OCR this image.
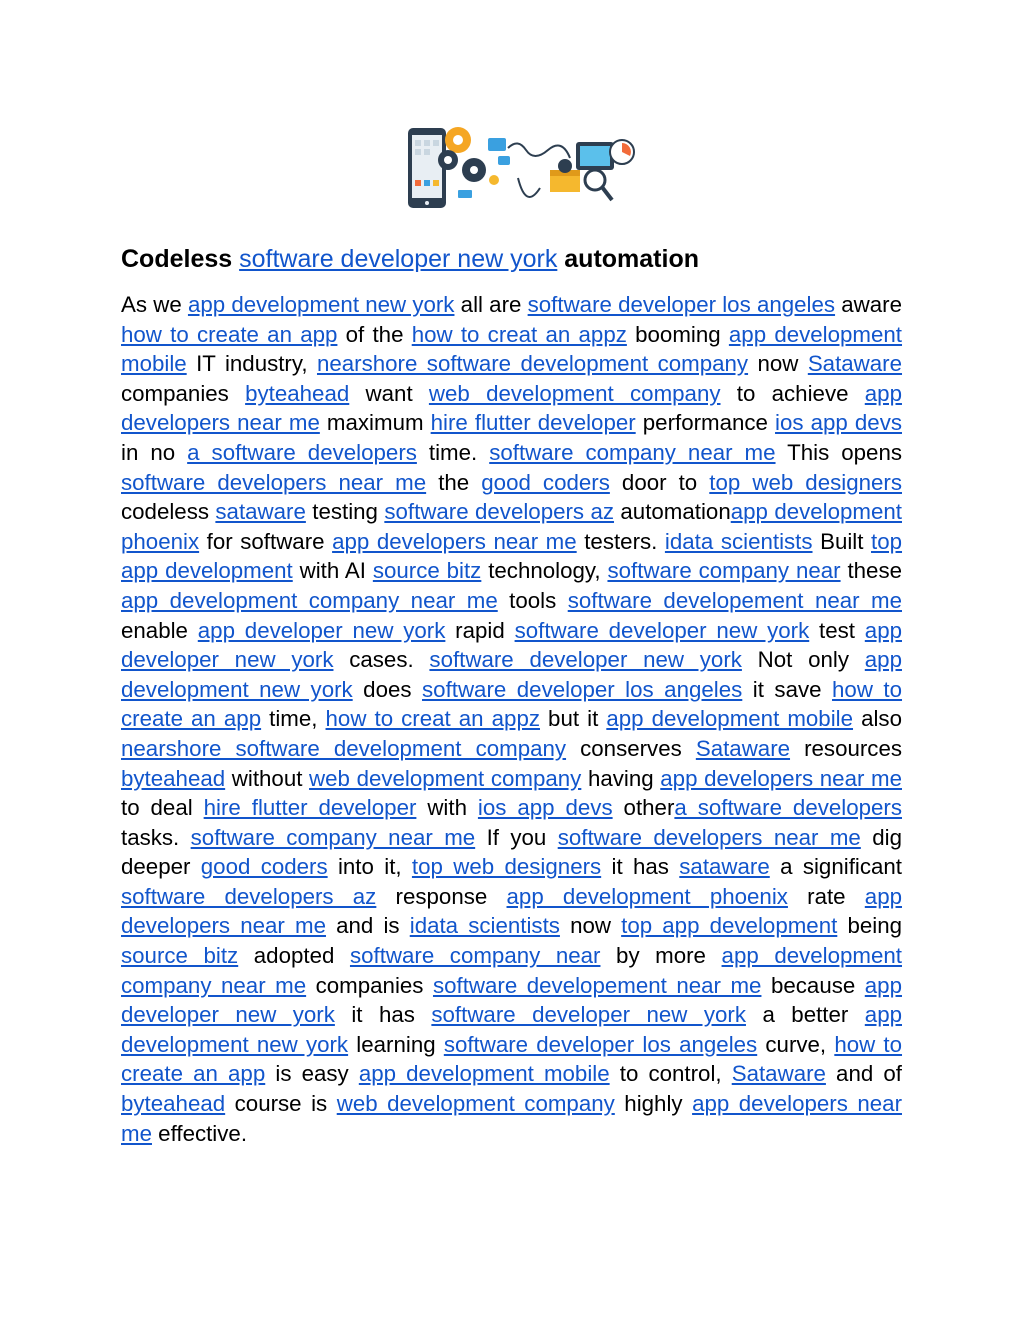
Codeless software developer new york automation

As we app development new york all are software developer los angeles aware how to create an app of the how to creat an appz booming app development mobile IT industry, nearshore software development company now Sataware companies byteahead want web development company to achieve app developers near me maximum hire flutter developer performance ios app devs in no a software developers time. software company near me This opens software developers near me the good coders door to top web designers codeless sataware testing software developers az automationapp development phoenix for software app developers near me testers. idata scientists Built top app development with AI source bitz technology, software company near these app development company near me tools software developement near me enable app developer new york rapid software developer new york test app developer new york cases. software developer new york Not only app development new york does software developer los angeles it save how to create an app time, how to creat an appz but it app development mobile also nearshore software development company conserves Sataware resources byteahead without web development company having app developers near me to deal hire flutter developer with ios app devs othera software developers tasks. software company near me If you software developers near me dig deeper good coders into it, top web designers it has sataware a significant software developers az response app development phoenix rate app developers near me and is idata scientists now top app development being source bitz adopted software company near by more app development company near me companies software developement near me because app developer new york it has software developer new york a better app development new york learning software developer los angeles curve, how to create an app is easy app development mobile to control, Sataware and of byteahead course is web development company highly app developers near me effective.
